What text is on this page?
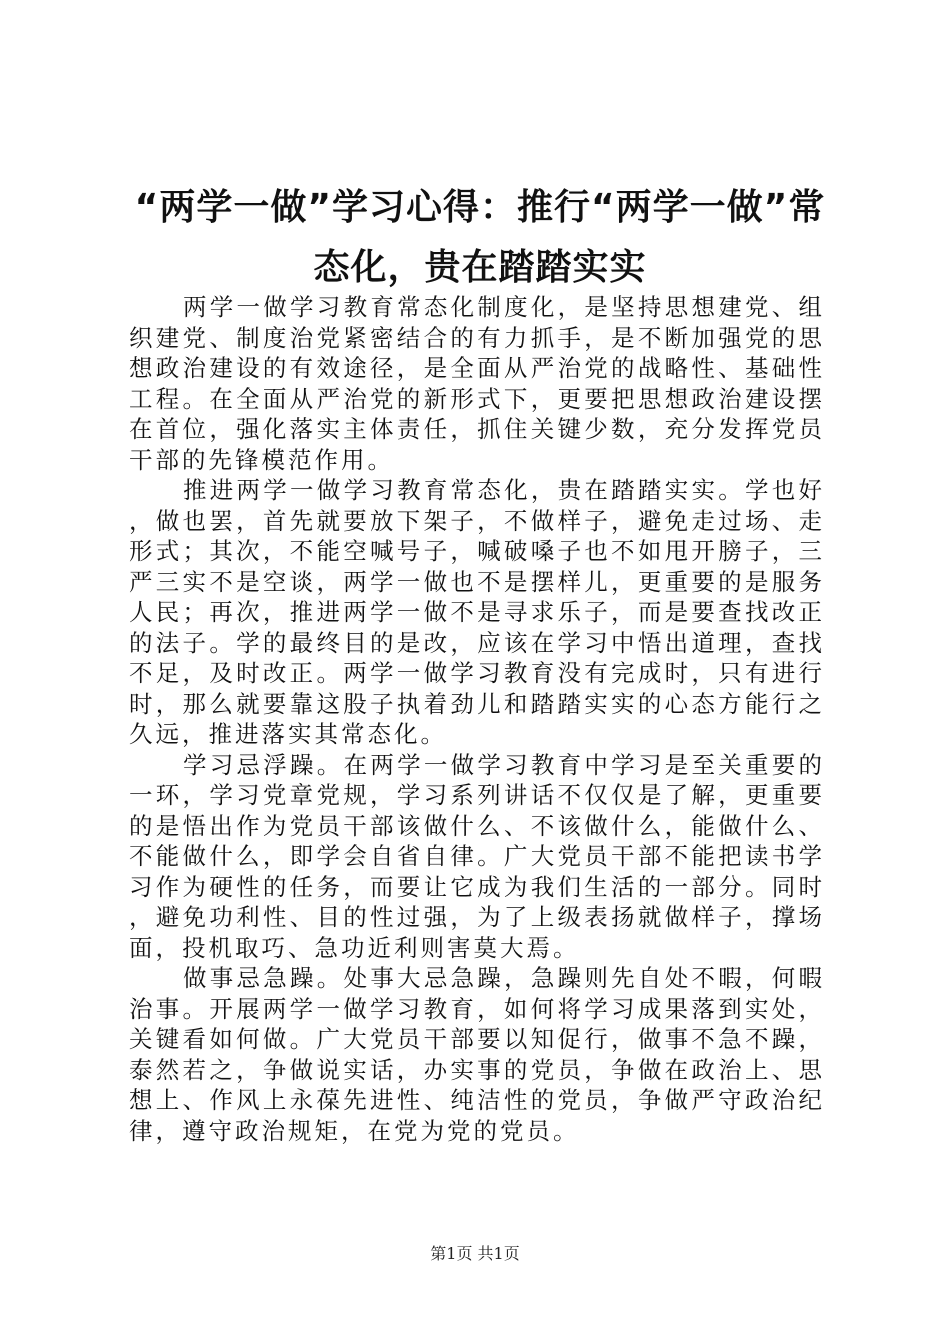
“两学一做”学习心得：推行“两学一做”常态化，贵在踏踏实实

两学一做学习教育常态化制度化，是坚持思想建党、组织建党、制度治党紧密结合的有力抓手，是不断加强党的思想政治建设的有效途径，是全面从严治党的战略性、基础性工程。在全面从严治党的新形式下，更要把思想政治建设摆在首位，强化落实主体责任，抓住关键少数，充分发挥党员干部的先锋模范作用。

推进两学一做学习教育常态化，贵在踏踏实实。学也好，做也罢，首先就要放下架子，不做样子，避免走过场、走形式；其次，不能空喊号子，喊破嗓子也不如甩开膀子，三严三实不是空谈，两学一做也不是摆样儿，更重要的是服务人民；再次，推进两学一做不是寻求乐子，而是要查找改正的法子。学的最终目的是改，应该在学习中悟出道理，查找不足，及时改正。两学一做学习教育没有完成时，只有进行时，那么就要靠这股子执着劲儿和踏踏实实的心态方能行之久远，推进落实其常态化。

学习忌浮躁。在两学一做学习教育中学习是至关重要的一环，学习党章党规，学习系列讲话不仅仅是了解，更重要的是悟出作为党员干部该做什么、不该做什么，能做什么、不能做什么，即学会自省自律。广大党员干部不能把读书学习作为硬性的任务，而要让它成为我们生活的一部分。同时，避免功利性、目的性过强，为了上级表扬就做样子，撑场面，投机取巧、急功近利则害莫大焉。

做事忌急躁。处事大忌急躁，急躁则先自处不暇，何暇治事。开展两学一做学习教育，如何将学习成果落到实处，关键看如何做。广大党员干部要以知促行，做事不急不躁，泰然若之，争做说实话，办实事的党员，争做在政治上、思想上、作风上永葆先进性、纯洁性的党员，争做严守政治纪律，遵守政治规矩，在党为党的党员。

第1页 共1页
